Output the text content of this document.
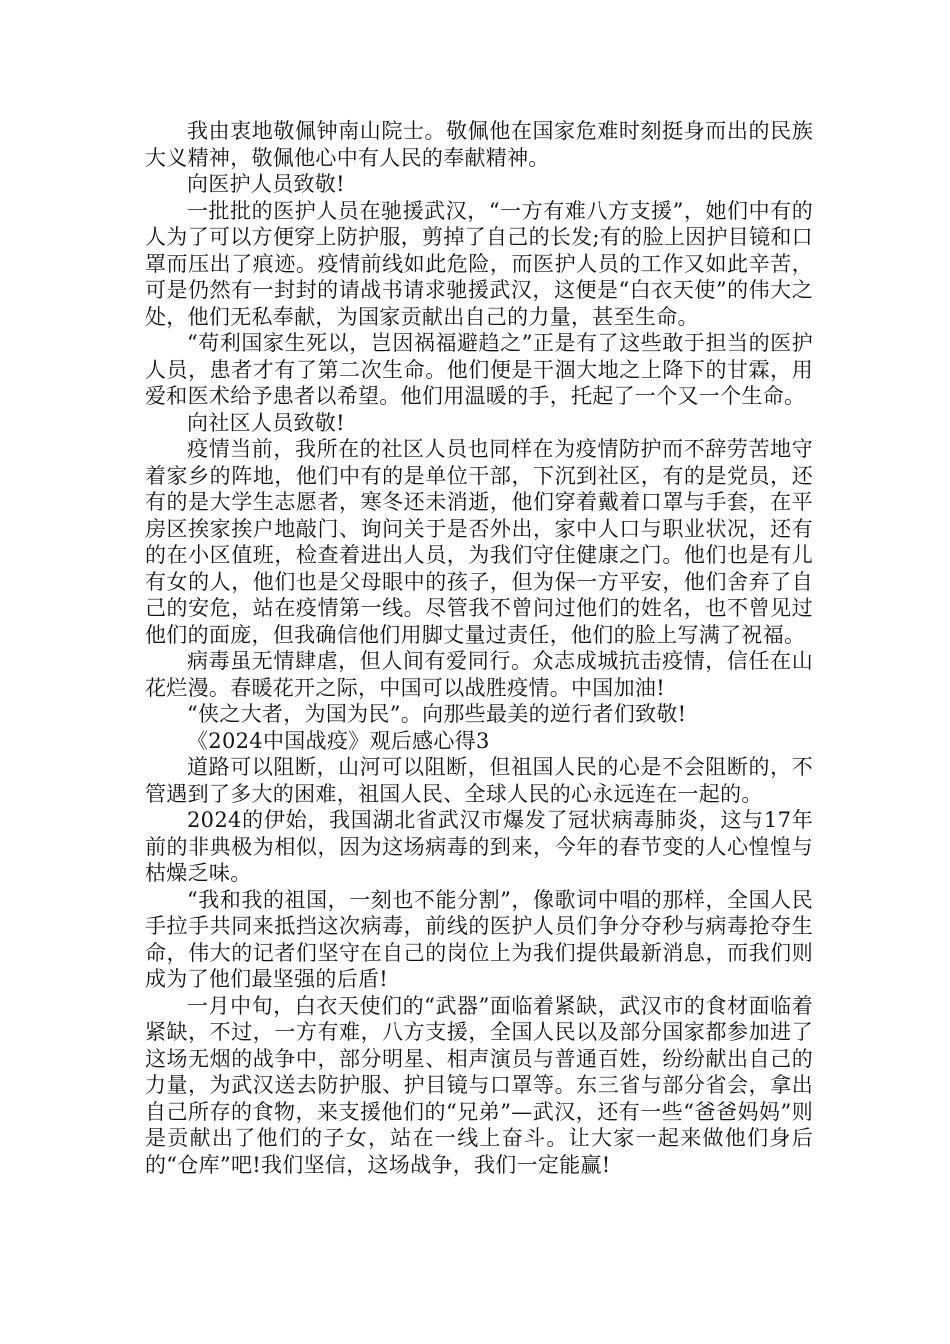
我由衷地敬佩钟南山院士。敬佩他在国家危难时刻挺身而出的民族大义精神，敬佩他心中有人民的奉献精神。

向医护人员致敬!

一批批的医护人员在驰援武汉，“一方有难八方支援”，她们中有的人为了可以方便穿上防护服，剪掉了自己的长发;有的脸上因护目镜和口罩而压出了痕迹。疫情前线如此危险，而医护人员的工作又如此辛苦，可是仍然有一封封的请战书请求驰援武汉，这便是“白衣天使”的伟大之处，他们无私奉献，为国家贡献出自己的力量，甚至生命。

“苟利国家生死以，岂因祸福避趋之”正是有了这些敢于担当的医护人员，患者才有了第二次生命。他们便是干涸大地之上降下的甘霖，用爱和医术给予患者以希望。他们用温暖的手，托起了一个又一个生命。

向社区人员致敬!

疫情当前，我所在的社区人员也同样在为疫情防护而不辞劳苦地守着家乡的阵地，他们中有的是单位干部，下沉到社区，有的是党员，还有的是大学生志愿者，寒冬还未消逝，他们穿着戴着口罩与手套，在平房区挨家挨户地敲门、询问关于是否外出，家中人口与职业状况，还有的在小区值班，检查着进出人员，为我们守住健康之门。他们也是有儿有女的人，他们也是父母眼中的孩子，但为保一方平安，他们舍弃了自己的安危，站在疫情第一线。尽管我不曾问过他们的姓名，也不曾见过他们的面庞，但我确信他们用脚丈量过责任，他们的脸上写满了祝福。

病毒虽无情肆虐，但人间有爱同行。众志成城抗击疫情，信任在山花烂漫。春暖花开之际，中国可以战胜疫情。中国加油!

“侠之大者，为国为民”。向那些最美的逆行者们致敬!

《2024中国战疫》观后感心得3

道路可以阻断，山河可以阻断，但祖国人民的心是不会阻断的，不管遇到了多大的困难，祖国人民、全球人民的心永远连在一起的。

2024的伊始，我国湖北省武汉市爆发了冠状病毒肺炎，这与17年前的非典极为相似，因为这场病毒的到来，今年的春节变的人心惶惶与枯燥乏味。

“我和我的祖国，一刻也不能分割”，像歌词中唱的那样，全国人民手拉手共同来抵挡这次病毒，前线的医护人员们争分夺秒与病毒抢夺生命，伟大的记者们坚守在自己的岗位上为我们提供最新消息，而我们则成为了他们最坚强的后盾!

一月中旬，白衣天使们的“武器”面临着紧缺，武汉市的食材面临着紧缺，不过，一方有难，八方支援，全国人民以及部分国家都参加进了这场无烟的战争中，部分明星、相声演员与普通百姓，纷纷献出自己的力量，为武汉送去防护服、护目镜与口罩等。东三省与部分省会，拿出自己所存的食物，来支援他们的“兄弟”—武汉，还有一些“爸爸妈妈”则是贡献出了他们的子女，站在一线上奋斗。让大家一起来做他们身后的“仓库”吧!我们坚信，这场战争，我们一定能赢!
